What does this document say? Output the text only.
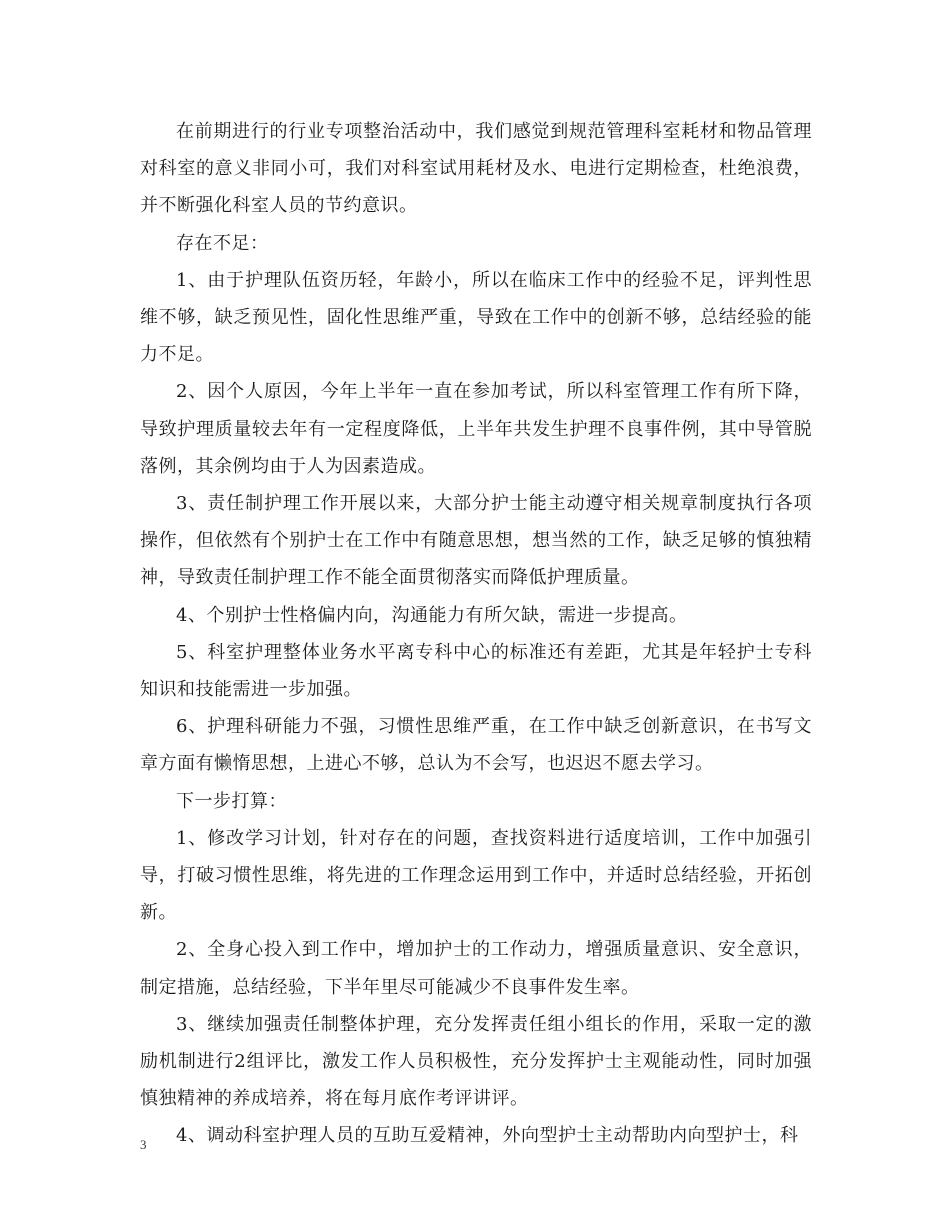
在前期进行的行业专项整治活动中，我们感觉到规范管理科室耗材和物品管理对科室的意义非同小可，我们对科室试用耗材及水、电进行定期检查，杜绝浪费，并不断强化科室人员的节约意识。

存在不足：

1、由于护理队伍资历轻，年龄小，所以在临床工作中的经验不足，评判性思维不够，缺乏预见性，固化性思维严重，导致在工作中的创新不够，总结经验的能力不足。

2、因个人原因，今年上半年一直在参加考试，所以科室管理工作有所下降，导致护理质量较去年有一定程度降低，上半年共发生护理不良事件例，其中导管脱落例，其余例均由于人为因素造成。

3、责任制护理工作开展以来，大部分护士能主动遵守相关规章制度执行各项操作，但依然有个别护士在工作中有随意思想，想当然的工作，缺乏足够的慎独精神，导致责任制护理工作不能全面贯彻落实而降低护理质量。

4、个别护士性格偏内向，沟通能力有所欠缺，需进一步提高。

5、科室护理整体业务水平离专科中心的标准还有差距，尤其是年轻护士专科知识和技能需进一步加强。

6、护理科研能力不强，习惯性思维严重，在工作中缺乏创新意识，在书写文章方面有懒惰思想，上进心不够，总认为不会写，也迟迟不愿去学习。

下一步打算：

1、修改学习计划，针对存在的问题，查找资料进行适度培训，工作中加强引导，打破习惯性思维，将先进的工作理念运用到工作中，并适时总结经验，开拓创新。

2、全身心投入到工作中，增加护士的工作动力，增强质量意识、安全意识，制定措施，总结经验，下半年里尽可能减少不良事件发生率。

3、继续加强责任制整体护理，充分发挥责任组小组长的作用，采取一定的激励机制进行2组评比，激发工作人员积极性，充分发挥护士主观能动性，同时加强慎独精神的养成培养，将在每月底作考评讲评。

4、调动科室护理人员的互助互爱精神，外向型护士主动帮助内向型护士，科

3
